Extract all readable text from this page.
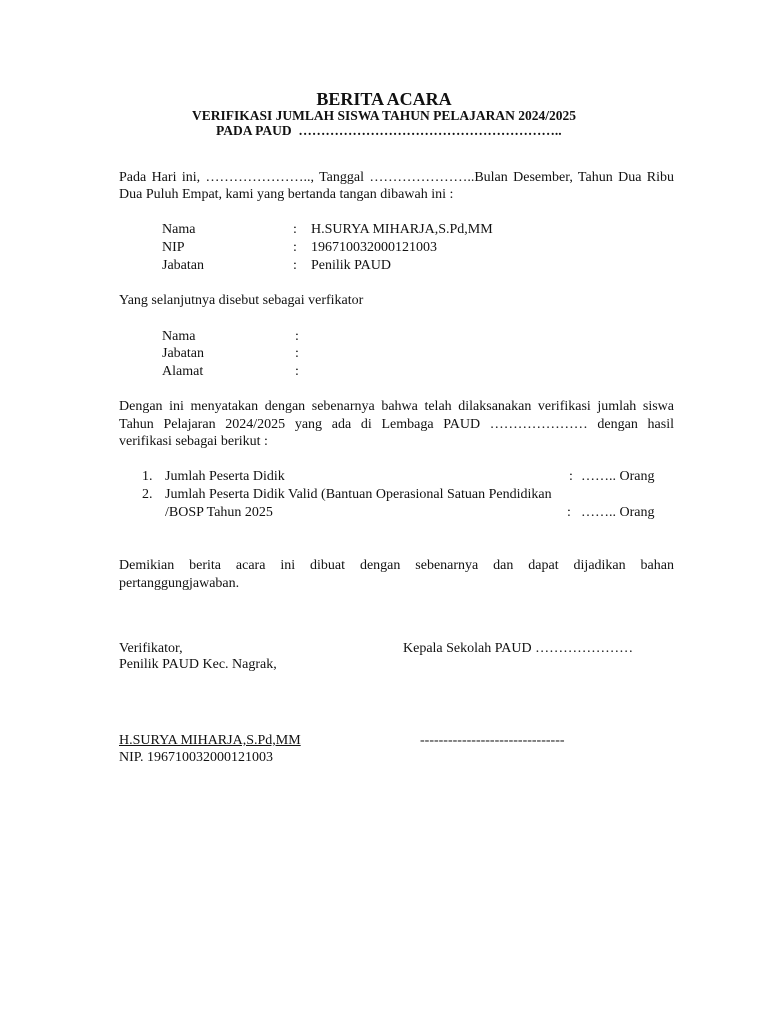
BERITA ACARA
VERIFIKASI JUMLAH SISWA TAHUN PELAJARAN 2024/2025
PADA PAUD …………………………………………………..
Pada Hari ini, ………………….., Tanggal …………………..Bulan Desember, Tahun Dua Ribu
Dua Puluh Empat, kami yang bertanda tangan dibawah ini :
Nama	: H.SURYA MIHARJA,S.Pd,MM
NIP	: 196710032000121003
Jabatan	: Penilik PAUD
Yang selanjutnya disebut sebagai verfikator
Nama	:
Jabatan	:
Alamat	:
Dengan ini menyatakan dengan sebenarnya bahwa telah dilaksanakan verifikasi jumlah siswa
Tahun Pelajaran 2024/2025 yang ada di Lembaga PAUD ………………… dengan hasil
verifikasi sebagai berikut :
1. Jumlah Peserta Didik	: …….. Orang
2. Jumlah Peserta Didik Valid (Bantuan Operasional Satuan Pendidikan
/BOSP Tahun 2025	: …….. Orang
Demikian berita acara ini dibuat dengan sebenarnya dan dapat dijadikan bahan
pertanggungjawaban.
Verifikator,
Penilik PAUD Kec. Nagrak,
Kepala Sekolah PAUD …………………
H.SURYA MIHARJA,S.Pd,MM
NIP. 196710032000121003
-------------------------------
